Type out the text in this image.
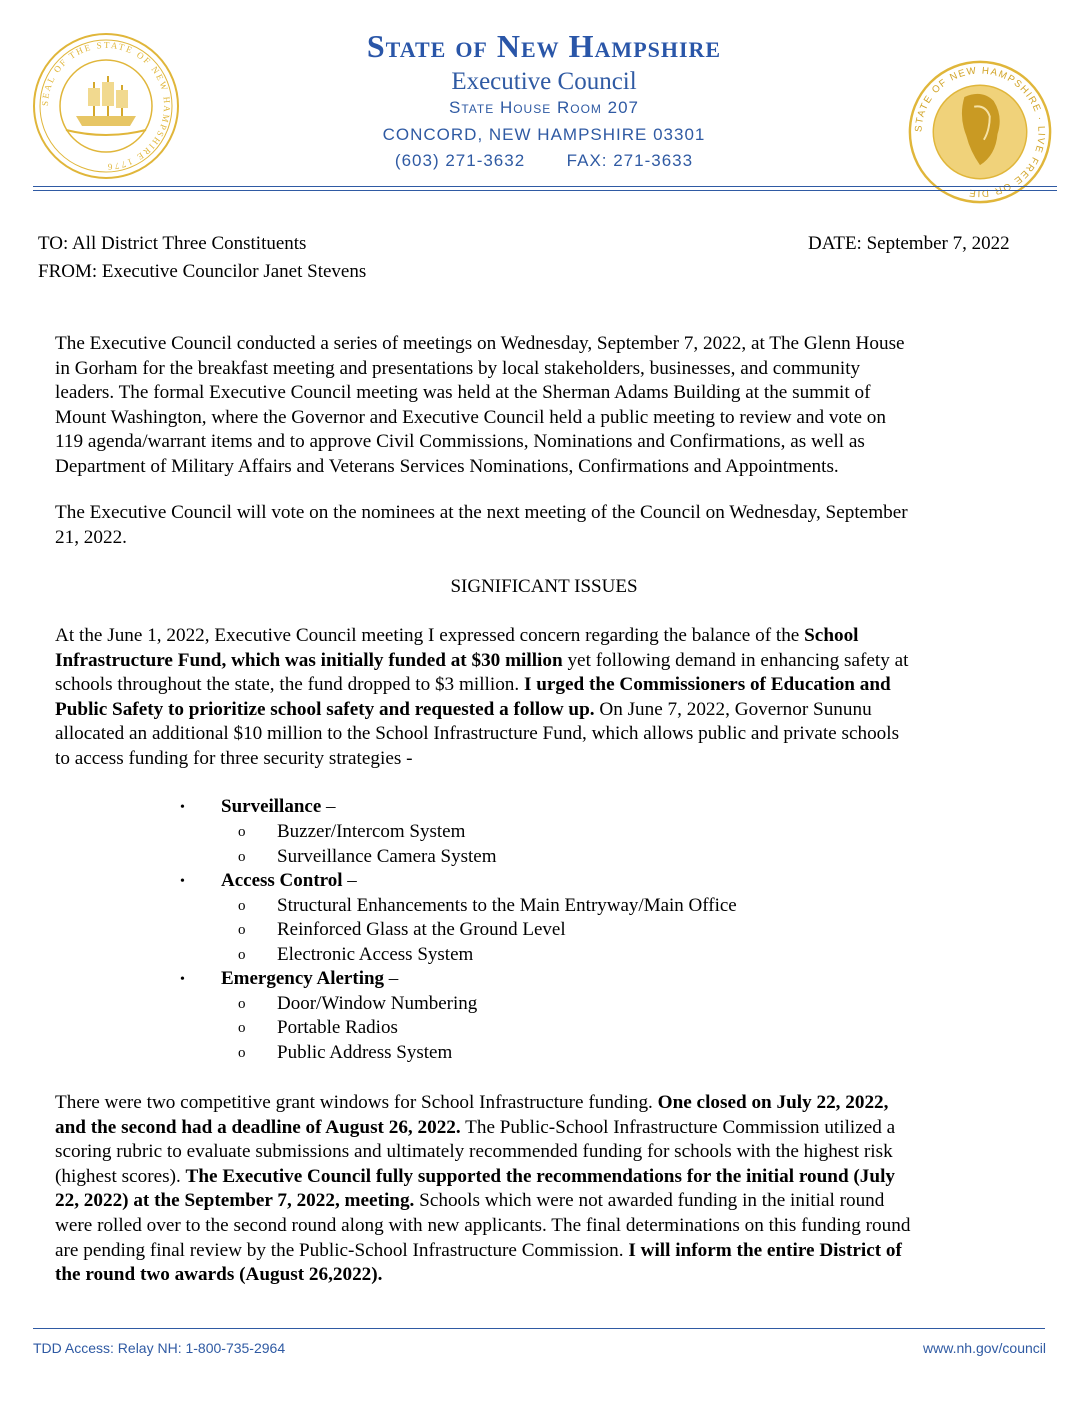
SEAL OF THE STATE OF NEW HAMPSHIRE 1776
STATE OF NEW HAMPSHIRE · LIVE FREE OR DIE
State of New Hampshire
Executive Council
State House Room 207
CONCORD, NEW HAMPSHIRE 03301
(603) 271-3632 FAX: 271-3633
TO: All District Three Constituents	DATE: September 7, 2022
FROM: Executive Councilor Janet Stevens
The Executive Council conducted a series of meetings on Wednesday, September 7, 2022, at The Glenn House
in Gorham for the breakfast meeting and presentations by local stakeholders, businesses, and community
leaders. The formal Executive Council meeting was held at the Sherman Adams Building at the summit of
Mount Washington, where the Governor and Executive Council held a public meeting to review and vote on
119 agenda/warrant items and to approve Civil Commissions, Nominations and Confirmations, as well as
Department of Military Affairs and Veterans Services Nominations, Confirmations and Appointments.
The Executive Council will vote on the nominees at the next meeting of the Council on Wednesday, September
21, 2022.
SIGNIFICANT ISSUES
At the June 1, 2022, Executive Council meeting I expressed concern regarding the balance of the School
Infrastructure Fund, which was initially funded at $30 million yet following demand in enhancing safety at
schools throughout the state, the fund dropped to $3 million. I urged the Commissioners of Education and
Public Safety to prioritize school safety and requested a follow up. On June 7, 2022, Governor Sununu
allocated an additional $10 million to the School Infrastructure Fund, which allows public and private schools
to access funding for three security strategies -
• Surveillance –
o Buzzer/Intercom System
o Surveillance Camera System
• Access Control –
o Structural Enhancements to the Main Entryway/Main Office
o Reinforced Glass at the Ground Level
o Electronic Access System
• Emergency Alerting –
o Door/Window Numbering
o Portable Radios
o Public Address System
There were two competitive grant windows for School Infrastructure funding. One closed on July 22, 2022,
and the second had a deadline of August 26, 2022. The Public-School Infrastructure Commission utilized a
scoring rubric to evaluate submissions and ultimately recommended funding for schools with the highest risk
(highest scores). The Executive Council fully supported the recommendations for the initial round (July
22, 2022) at the September 7, 2022, meeting. Schools which were not awarded funding in the initial round
were rolled over to the second round along with new applicants. The final determinations on this funding round
are pending final review by the Public-School Infrastructure Commission. I will inform the entire District of
the round two awards (August 26,2022).
TDD Access: Relay NH: 1-800-735-2964	www.nh.gov/council
